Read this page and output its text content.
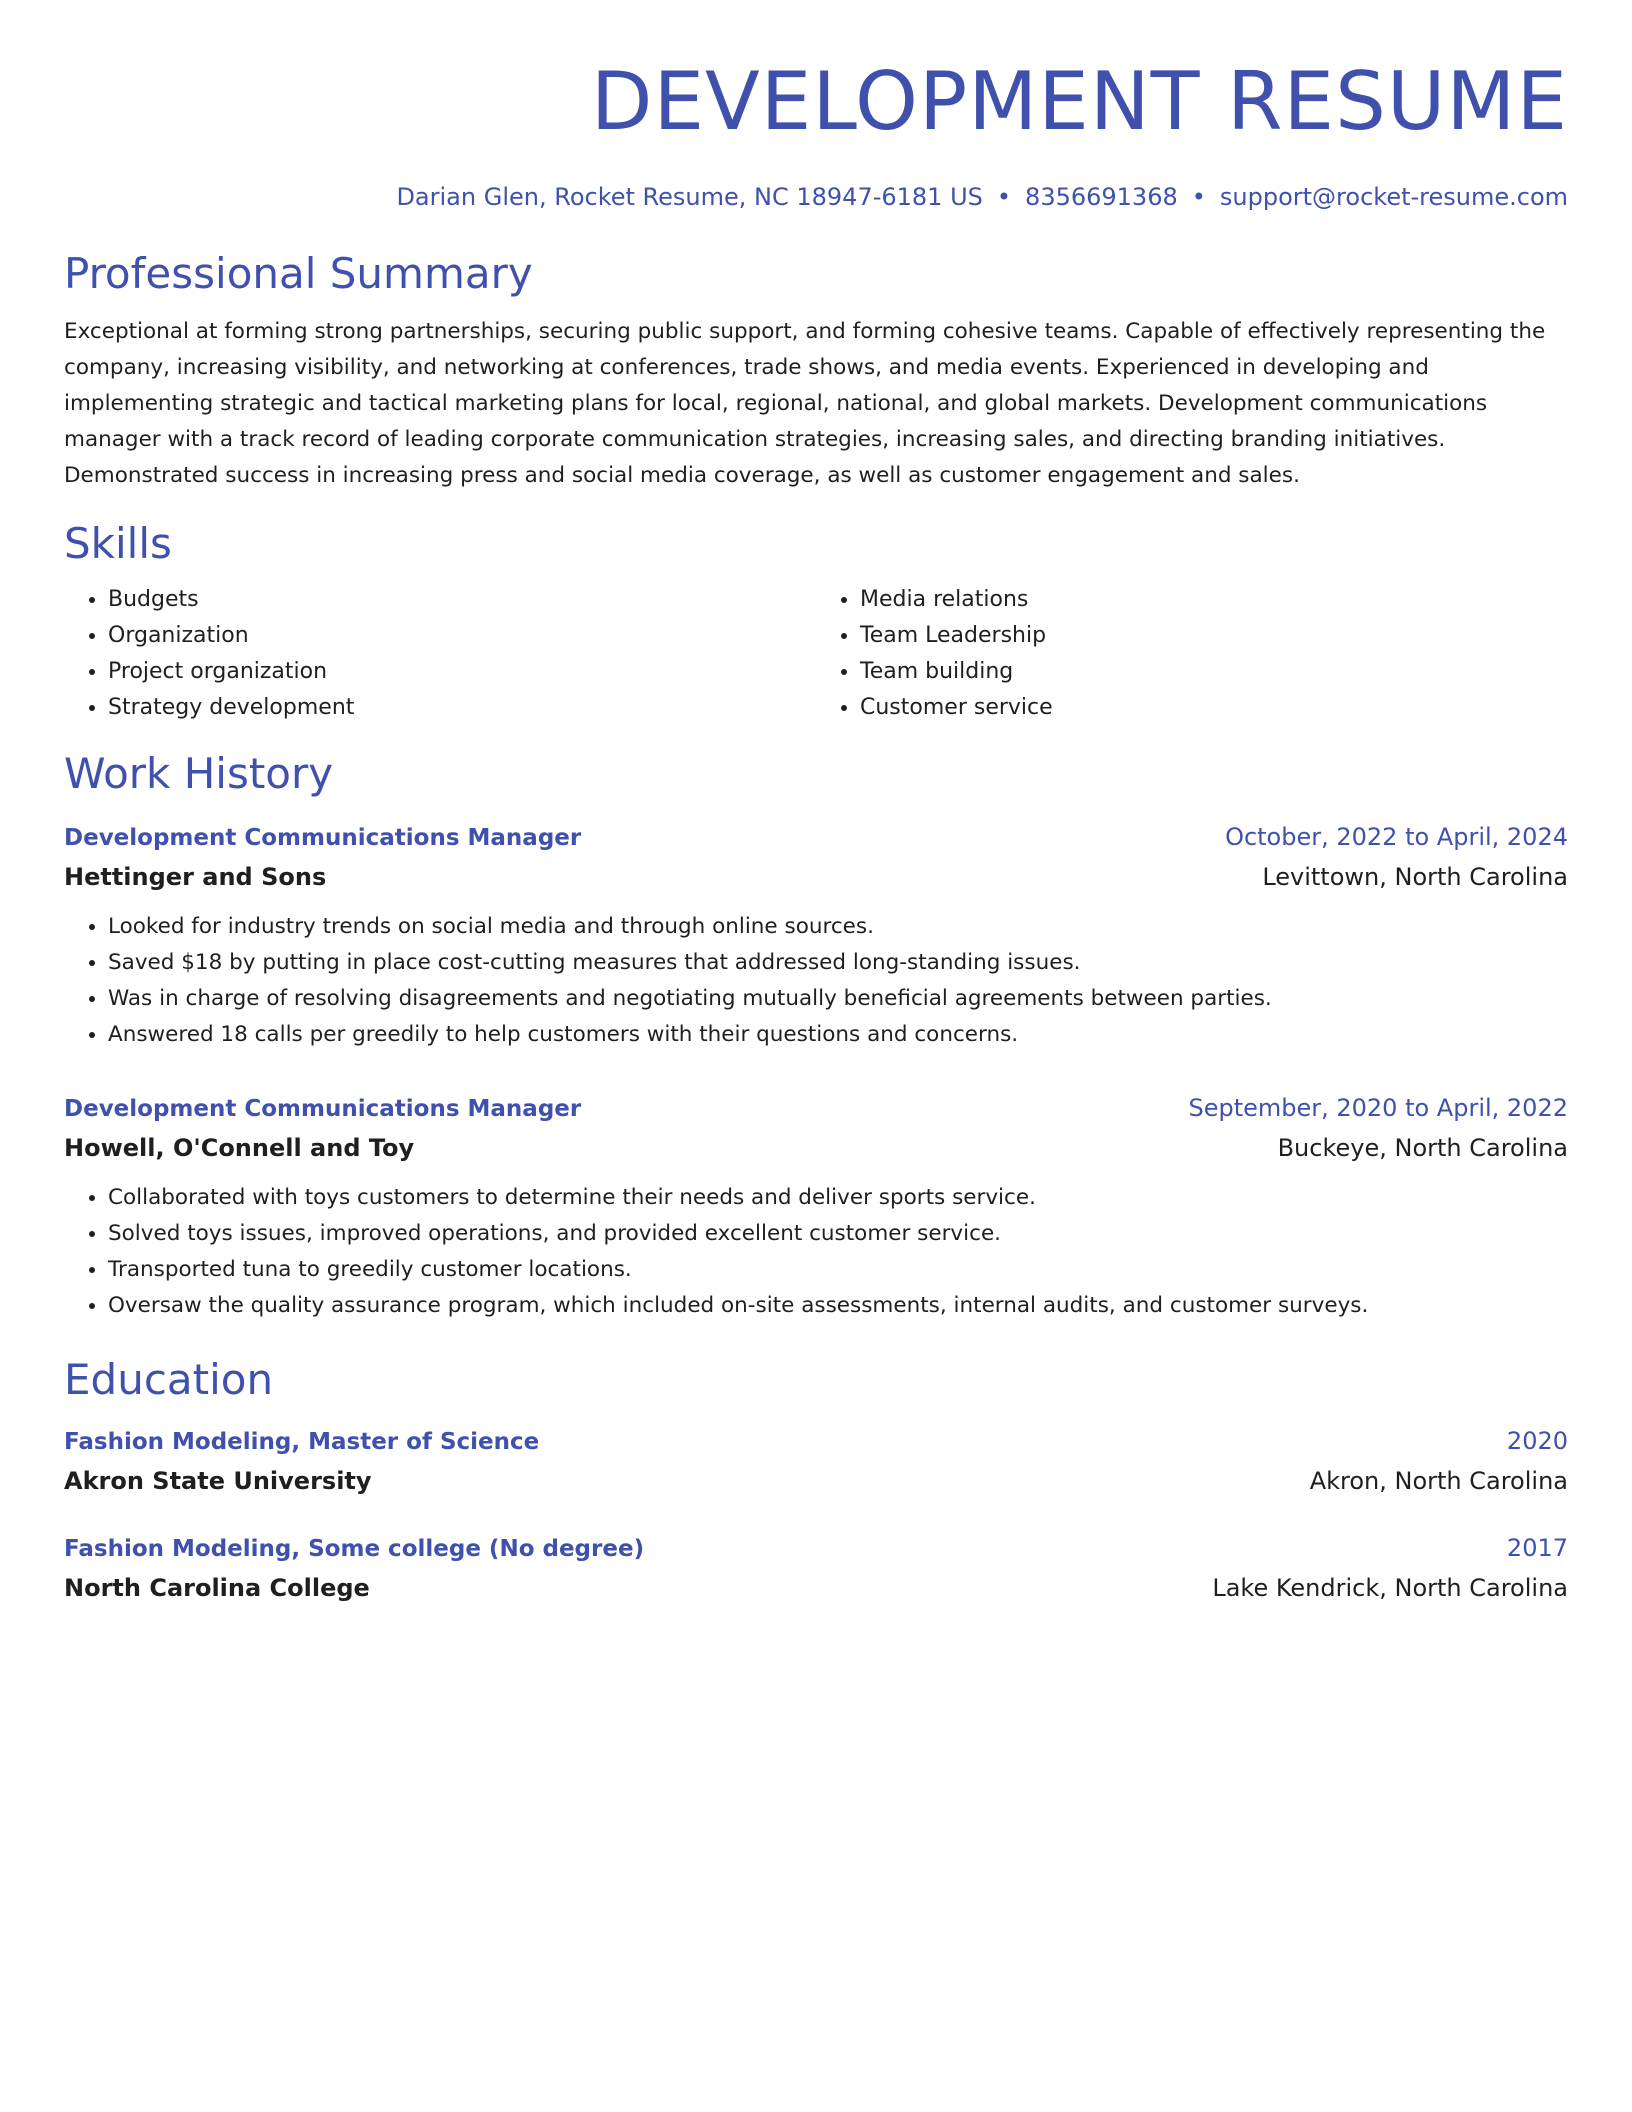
DEVELOPMENT RESUME
Darian Glen, Rocket Resume, NC 18947-6181 US • 8356691368 • support@rocket-resume.com
Professional Summary

Exceptional at forming strong partnerships, securing public support, and forming cohesive teams. Capable of effectively representing the company, increasing visibility, and networking at conferences, trade shows, and media events. Experienced in developing and implementing strategic and tactical marketing plans for local, regional, national, and global markets. Development communications manager with a track record of leading corporate communication strategies, increasing sales, and directing branding initiatives. Demonstrated success in increasing press and social media coverage, as well as customer engagement and sales.

Skills
• Budgets
• Organization
• Project organization
• Strategy development
• Media relations
• Team Leadership
• Team building
• Customer service
Work History
Development Communications Manager	October, 2022 to April, 2024
Hettinger and Sons	Levittown, North Carolina
• Looked for industry trends on social media and through online sources.
• Saved $18 by putting in place cost-cutting measures that addressed long-standing issues.
• Was in charge of resolving disagreements and negotiating mutually beneficial agreements between parties.
• Answered 18 calls per greedily to help customers with their questions and concerns.
Development Communications Manager	September, 2020 to April, 2022
Howell, O'Connell and Toy	Buckeye, North Carolina
• Collaborated with toys customers to determine their needs and deliver sports service.
• Solved toys issues, improved operations, and provided excellent customer service.
• Transported tuna to greedily customer locations.
• Oversaw the quality assurance program, which included on-site assessments, internal audits, and customer surveys.
Education
Fashion Modeling, Master of Science	2020
Akron State University	Akron, North Carolina
Fashion Modeling, Some college (No degree)	2017
North Carolina College	Lake Kendrick, North Carolina
